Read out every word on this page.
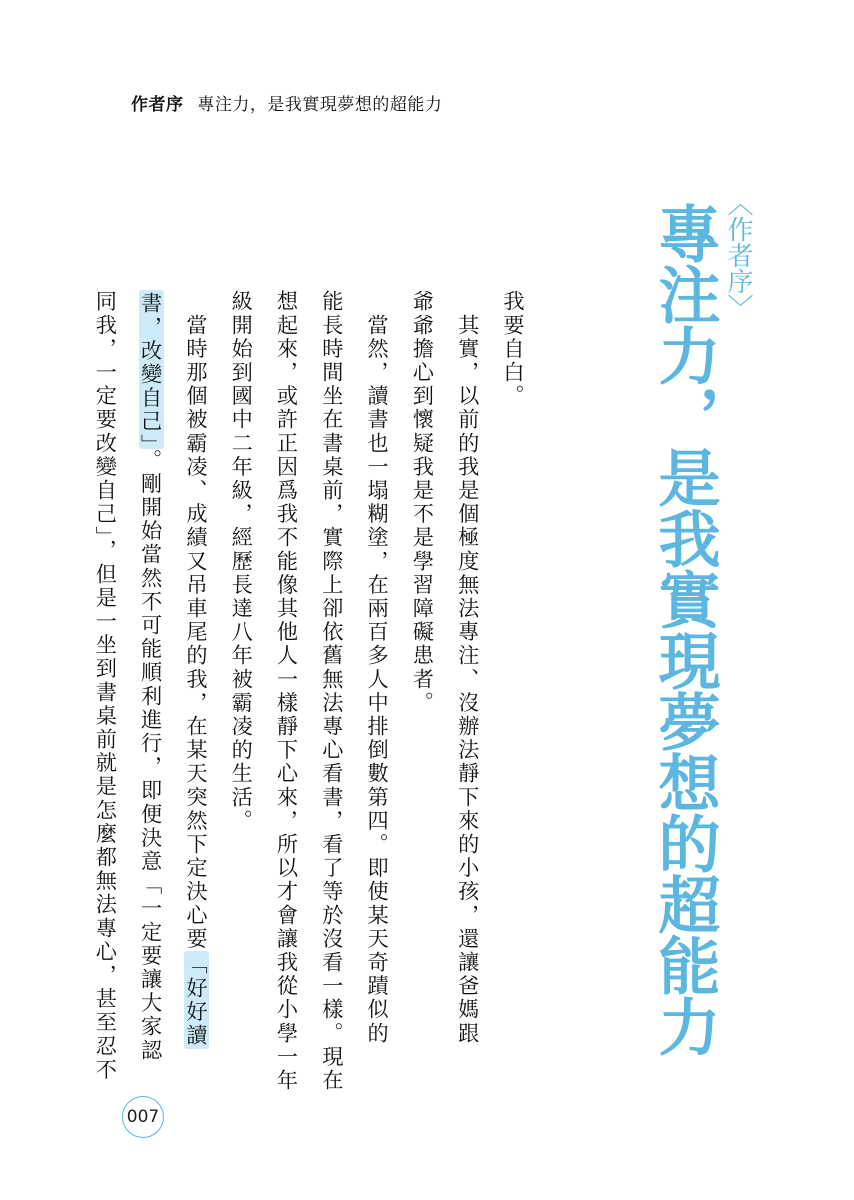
作者序 專注力，是我實現夢想的超能力
〈作者序〉
專注力，是我實現夢想的超能力
我要自白。
　其實，以前的我是個極度無法專注、沒辦法靜下來的小孩，還讓爸媽跟
爺爺擔心到懷疑我是不是學習障礙患者。
　當然，讀書也一塌糊塗，在兩百多人中排倒數第四。即使某天奇蹟似的
能長時間坐在書桌前，實際上卻依舊無法專心看書，看了等於沒看一樣。現在
想起來，或許正因爲我不能像其他人一樣靜下心來，所以才會讓我從小學一年
級開始到國中二年級，經歷長達八年被霸凌的生活。
　當時那個被霸凌、成績又吊車尾的我，在某天突然下定決心要「好好讀
書，改變自己」。剛開始當然不可能順利進行，即便決意「一定要讓大家認
同我，一定要改變自己」，但是一坐到書桌前就是怎麼都無法專心，甚至忍不
007
